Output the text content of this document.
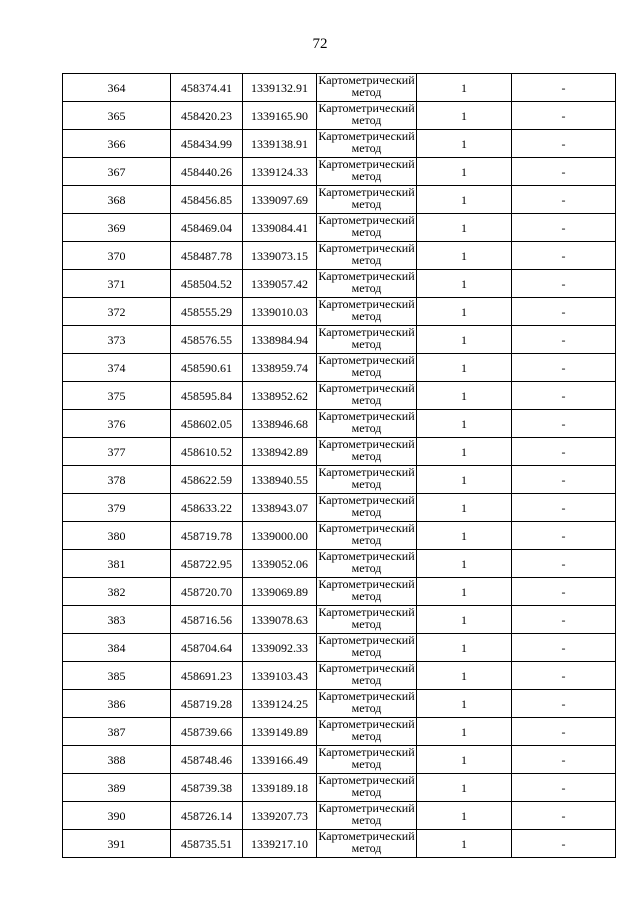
72
364	458374.41	1339132.91	Картометрический метод	1	-
365	458420.23	1339165.90	Картометрический метод	1	-
366	458434.99	1339138.91	Картометрический метод	1	-
367	458440.26	1339124.33	Картометрический метод	1	-
368	458456.85	1339097.69	Картометрический метод	1	-
369	458469.04	1339084.41	Картометрический метод	1	-
370	458487.78	1339073.15	Картометрический метод	1	-
371	458504.52	1339057.42	Картометрический метод	1	-
372	458555.29	1339010.03	Картометрический метод	1	-
373	458576.55	1338984.94	Картометрический метод	1	-
374	458590.61	1338959.74	Картометрический метод	1	-
375	458595.84	1338952.62	Картометрический метод	1	-
376	458602.05	1338946.68	Картометрический метод	1	-
377	458610.52	1338942.89	Картометрический метод	1	-
378	458622.59	1338940.55	Картометрический метод	1	-
379	458633.22	1338943.07	Картометрический метод	1	-
380	458719.78	1339000.00	Картометрический метод	1	-
381	458722.95	1339052.06	Картометрический метод	1	-
382	458720.70	1339069.89	Картометрический метод	1	-
383	458716.56	1339078.63	Картометрический метод	1	-
384	458704.64	1339092.33	Картометрический метод	1	-
385	458691.23	1339103.43	Картометрический метод	1	-
386	458719.28	1339124.25	Картометрический метод	1	-
387	458739.66	1339149.89	Картометрический метод	1	-
388	458748.46	1339166.49	Картометрический метод	1	-
389	458739.38	1339189.18	Картометрический метод	1	-
390	458726.14	1339207.73	Картометрический метод	1	-
391	458735.51	1339217.10	Картометрический метод	1	-
